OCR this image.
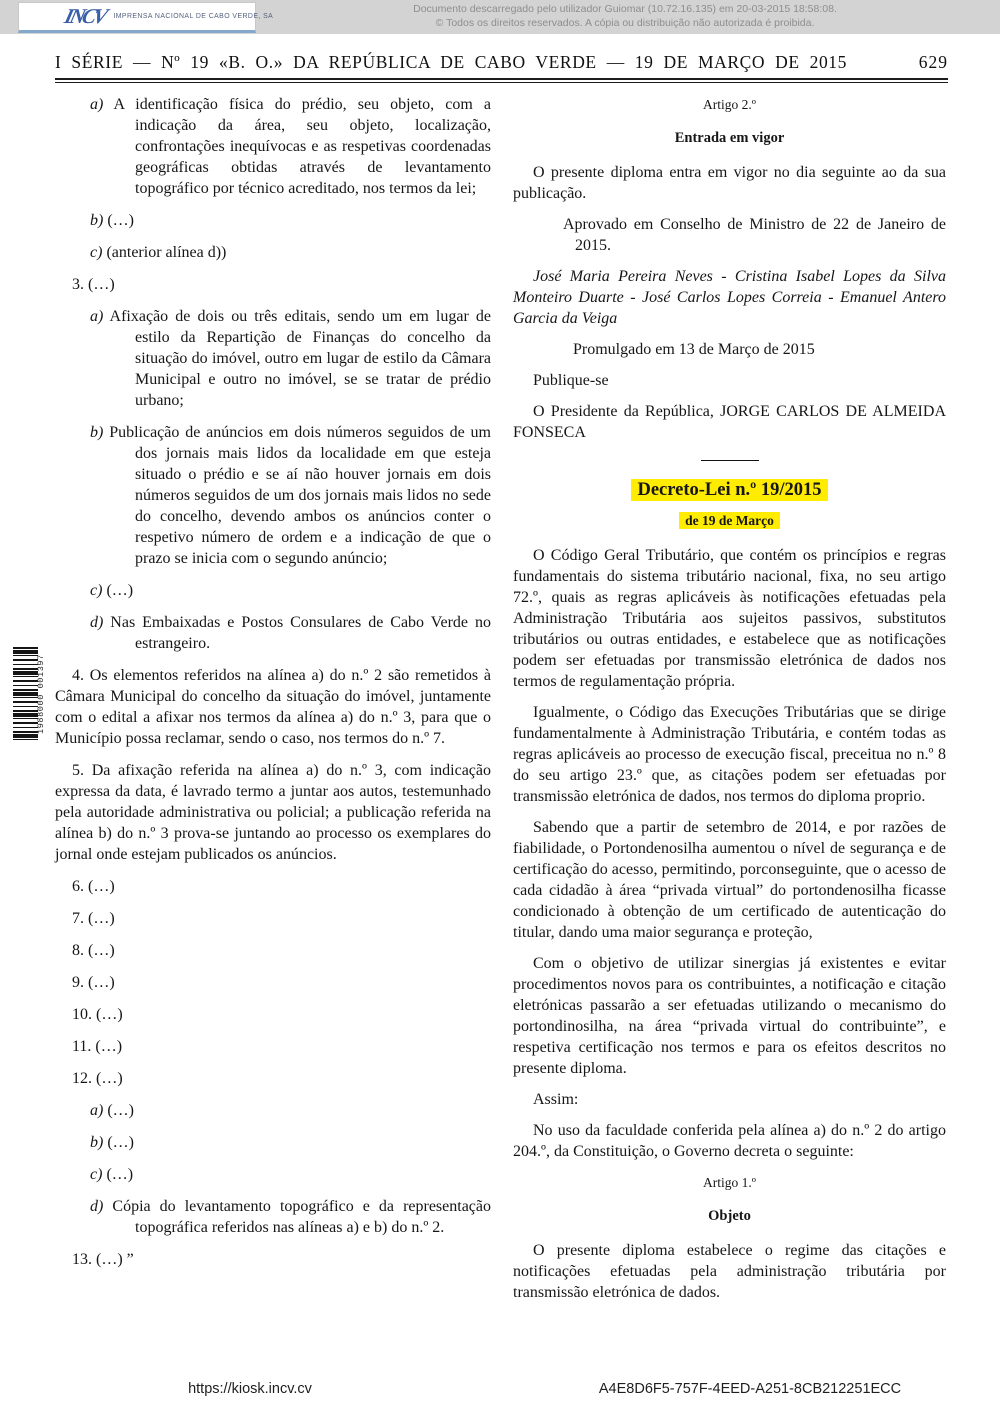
Documento descarregado pelo utilizador Guiomar (10.72.16.135) em 20-03-2015 18:58:08.
© Todos os direitos reservados. A cópia ou distribuição não autorizada é proibida.
INCV IMPRENSA NACIONAL DE CABO VERDE, SA
I SÉRIE — Nº 19 «B. O.» DA REPÚBLICA DE CABO VERDE — 19 DE MARÇO DE 2015	629
1988000 001397
a) A identificação física do prédio, seu objeto, com a indicação da área, seu objeto, localização, confrontações inequívocas e as respetivas coordenadas geográficas obtidas através de levantamento topográfico por técnico acreditado, nos termos da lei;
b) (…)
c) (anterior alínea d))
3. (…)
a) Afixação de dois ou três editais, sendo um em lugar de estilo da Repartição de Finanças do concelho da situação do imóvel, outro em lugar de estilo da Câmara Municipal e outro no imóvel, se se tratar de prédio urbano;
b) Publicação de anúncios em dois números seguidos de um dos jornais mais lidos da localidade em que esteja situado o prédio e se aí não houver jornais em dois números seguidos de um dos jornais mais lidos no sede do concelho, devendo ambos os anúncios conter o respetivo número de ordem e a indicação de que o prazo se inicia com o segundo anúncio;
c) (…)
d) Nas Embaixadas e Postos Consulares de Cabo Verde no estrangeiro.
4. Os elementos referidos na alínea a) do n.º 2 são remetidos à Câmara Municipal do concelho da situação do imóvel, juntamente com o edital a afixar nos termos da alínea a) do n.º 3, para que o Município possa reclamar, sendo o caso, nos termos do n.º 7.
5. Da afixação referida na alínea a) do n.º 3, com indicação expressa da data, é lavrado termo a juntar aos autos, testemunhado pela autoridade administrativa ou policial; a publicação referida na alínea b) do n.º 3 prova-se juntando ao processo os exemplares do jornal onde estejam publicados os anúncios.
6. (…)
7. (…)
8. (…)
9. (…)
10. (…)
11. (…)
12. (…)
a) (…)
b) (…)
c) (…)
d) Cópia do levantamento topográfico e da representação topográfica referidos nas alíneas a) e b) do n.º 2.
13. (…) ”
Artigo 2.º
Entrada em vigor
O presente diploma entra em vigor no dia seguinte ao da sua publicação.
Aprovado em Conselho de Ministro de 22 de Janeiro de 2015.
José Maria Pereira Neves - Cristina Isabel Lopes da Silva Monteiro Duarte - José Carlos Lopes Correia - Emanuel Antero Garcia da Veiga
Promulgado em 13 de Março de 2015
Publique-se
O Presidente da República, JORGE CARLOS DE ALMEIDA FONSECA
Decreto-Lei n.º 19/2015
de 19 de Março
O Código Geral Tributário, que contém os princípios e regras fundamentais do sistema tributário nacional, fixa, no seu artigo 72.º, quais as regras aplicáveis às notificações efetuadas pela Administração Tributária aos sujeitos passivos, substitutos tributários ou outras entidades, e estabelece que as notificações podem ser efetuadas por transmissão eletrónica de dados nos termos de regulamentação própria.
Igualmente, o Código das Execuções Tributárias que se dirige fundamentalmente à Administração Tributária, e contém todas as regras aplicáveis ao processo de execução fiscal, preceitua no n.º 8 do seu artigo 23.º que, as citações podem ser efetuadas por transmissão eletrónica de dados, nos termos do diploma proprio.
Sabendo que a partir de setembro de 2014, e por razões de fiabilidade, o Portondenosilha aumentou o nível de segurança e de certificação do acesso, permitindo, porconseguinte, que o acesso de cada cidadão à área “privada virtual” do portondenosilha ficasse condicionado à obtenção de um certificado de autenticação do titular, dando uma maior segurança e proteção,
Com o objetivo de utilizar sinergias já existentes e evitar procedimentos novos para os contribuintes, a notificação e citação eletrónicas passarão a ser efetuadas utilizando o mecanismo do portondinosilha, na área “privada virtual do contribuinte”, e respetiva certificação nos termos e para os efeitos descritos no presente diploma.
Assim:
No uso da faculdade conferida pela alínea a) do n.º 2 do artigo 204.º, da Constituição, o Governo decreta o seguinte:
Artigo 1.º
Objeto
O presente diploma estabelece o regime das citações e notificações efetuadas pela administração tributária por transmissão eletrónica de dados.
https://kiosk.incv.cv	A4E8D6F5-757F-4EED-A251-8CB212251ECC
